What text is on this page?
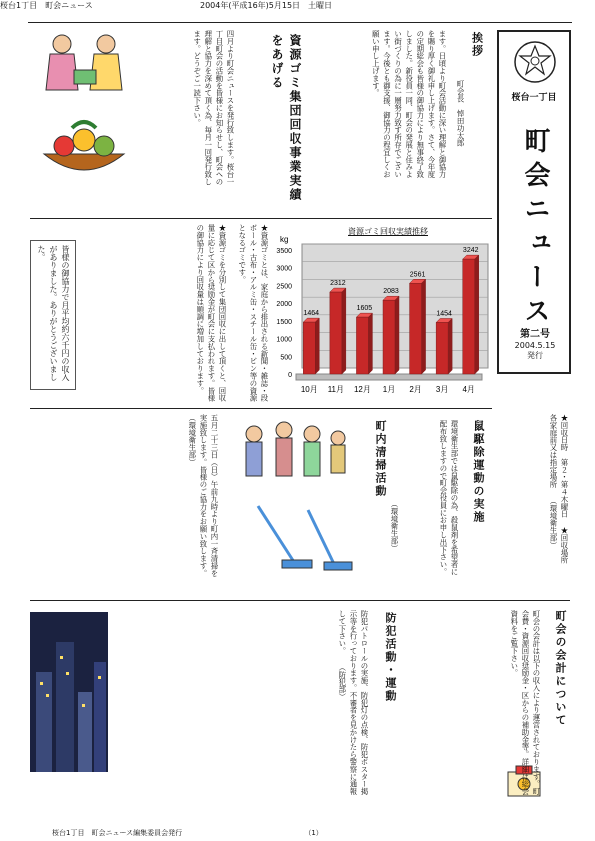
桜台1丁目　町会ニュース	2004年(平成16年)5月15日　土曜日
桜台一丁目
町会ニュース
第二号
2004.5.15
発行
挨拶
町会長　悼田功太郎
ます。日頃より町会活動に深い理解と御協力を賜り厚く御礼申し上げます。さて、今年度の定期総会も皆様の御協力により無事終了致しました。新役員一同、町会の発展と住みよい街づくりの為に一層努力致す所存でございます。今後とも御支援、御協力の程宜しくお願い申し上げます。
四月より町会ニュースを発行致します。桜台一丁目町会の活動を皆様にお知らせし、町会への理解と協力を深めて頂く為、毎月一回発行致します。どうぞご一読下さい。	資源ゴミ集団回収事業実績をあげる
★資源ゴミとは、家庭から排出される新聞・雑誌・段ボール・古布・アルミ缶・スチール缶・ビン等の資源となるゴミです。
★資源ゴミを分別して集団回収に出して頂くと、回収量に応じて区から奨励金が町会に支払われます。皆様の御協力により回収量は順調に増加しております。
皆様の御協力で月平均約六千円の収入がありました。ありがとうございました。
資源ゴミ回収実績推移
0
500
1000
1500
2000
2500
3000
3500
kg
1464
10月
2312
11月
1605
12月
2083
1月
2561
2月
1454
3月
3242
4月
★回収日時　第２・第４木曜日 ★回収場所　各家庭前又は指定場所 （環境衛生部）
鼠駆除運動の実施
環境衛生部では鼠駆除の為、殺鼠剤を希望者に配布致しますので町会役員にお申し出下さい。
（環境衛生部）
町内清掃活動
五月二十三日（日）午前九時より町内一斉清掃を実施致します。皆様のご協力をお願い致します。 （環境衛生部）
町会の会計について
町会の会計は以下の収入により運営されております。町会費・資源回収奨励金・区からの補助金等。詳細は総会資料をご覧下さい。
防犯活動・運動
防犯パトロールの実施、防犯灯の点検、防犯ポスター掲示等を行っております。不審者を見かけたら警察に通報して下さい。 （防犯部）
桜台1丁目　町会ニュース編集委員会発行	（1）
